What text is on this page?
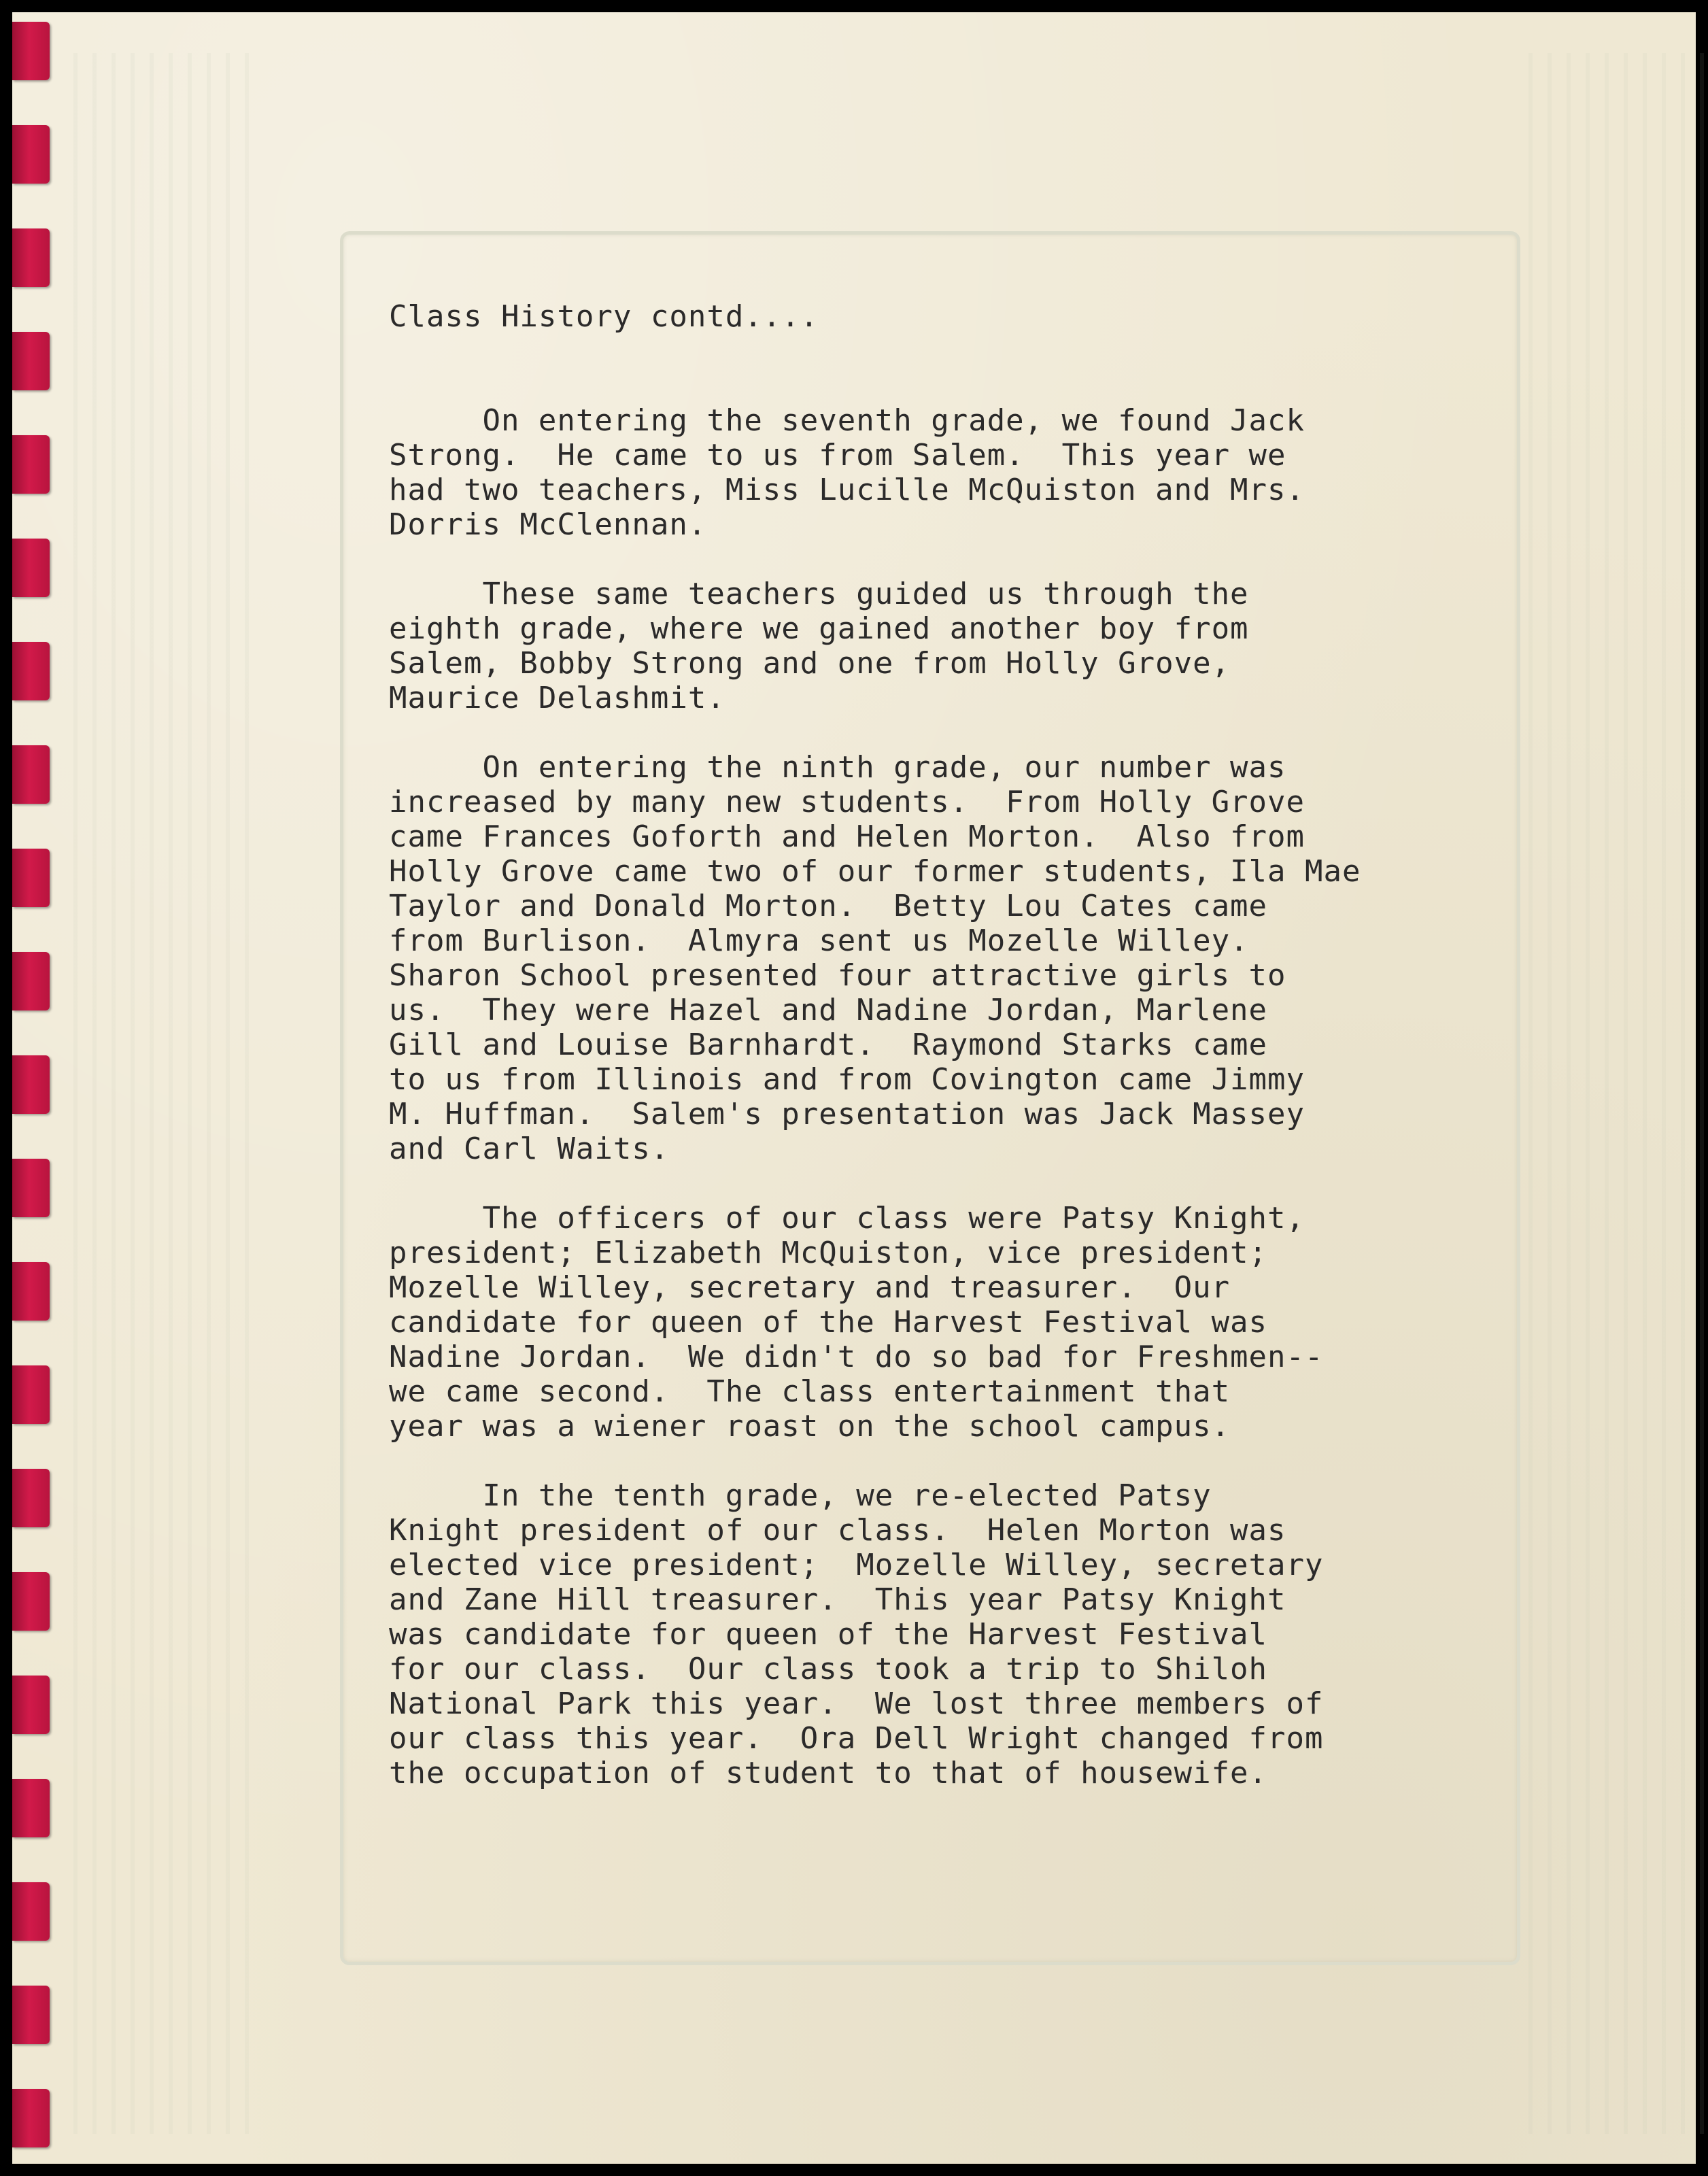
Class History contd....
On entering the seventh grade, we found Jack
Strong.  He came to us from Salem.  This year we
had two teachers, Miss Lucille McQuiston and Mrs.
Dorris McClennan.
These same teachers guided us through the
eighth grade, where we gained another boy from
Salem, Bobby Strong and one from Holly Grove,
Maurice Delashmit.
On entering the ninth grade, our number was
increased by many new students.  From Holly Grove
came Frances Goforth and Helen Morton.  Also from
Holly Grove came two of our former students, Ila Mae
Taylor and Donald Morton.  Betty Lou Cates came
from Burlison.  Almyra sent us Mozelle Willey.
Sharon School presented four attractive girls to
us.  They were Hazel and Nadine Jordan, Marlene
Gill and Louise Barnhardt.  Raymond Starks came
to us from Illinois and from Covington came Jimmy
M. Huffman.  Salem's presentation was Jack Massey
and Carl Waits.
The officers of our class were Patsy Knight,
president; Elizabeth McQuiston, vice president;
Mozelle Willey, secretary and treasurer.  Our
candidate for queen of the Harvest Festival was
Nadine Jordan.  We didn't do so bad for Freshmen--
we came second.  The class entertainment that
year was a wiener roast on the school campus.
In the tenth grade, we re-elected Patsy
Knight president of our class.  Helen Morton was
elected vice president;  Mozelle Willey, secretary
and Zane Hill treasurer.  This year Patsy Knight
was candidate for queen of the Harvest Festival
for our class.  Our class took a trip to Shiloh
National Park this year.  We lost three members of
our class this year.  Ora Dell Wright changed from
the occupation of student to that of housewife.
